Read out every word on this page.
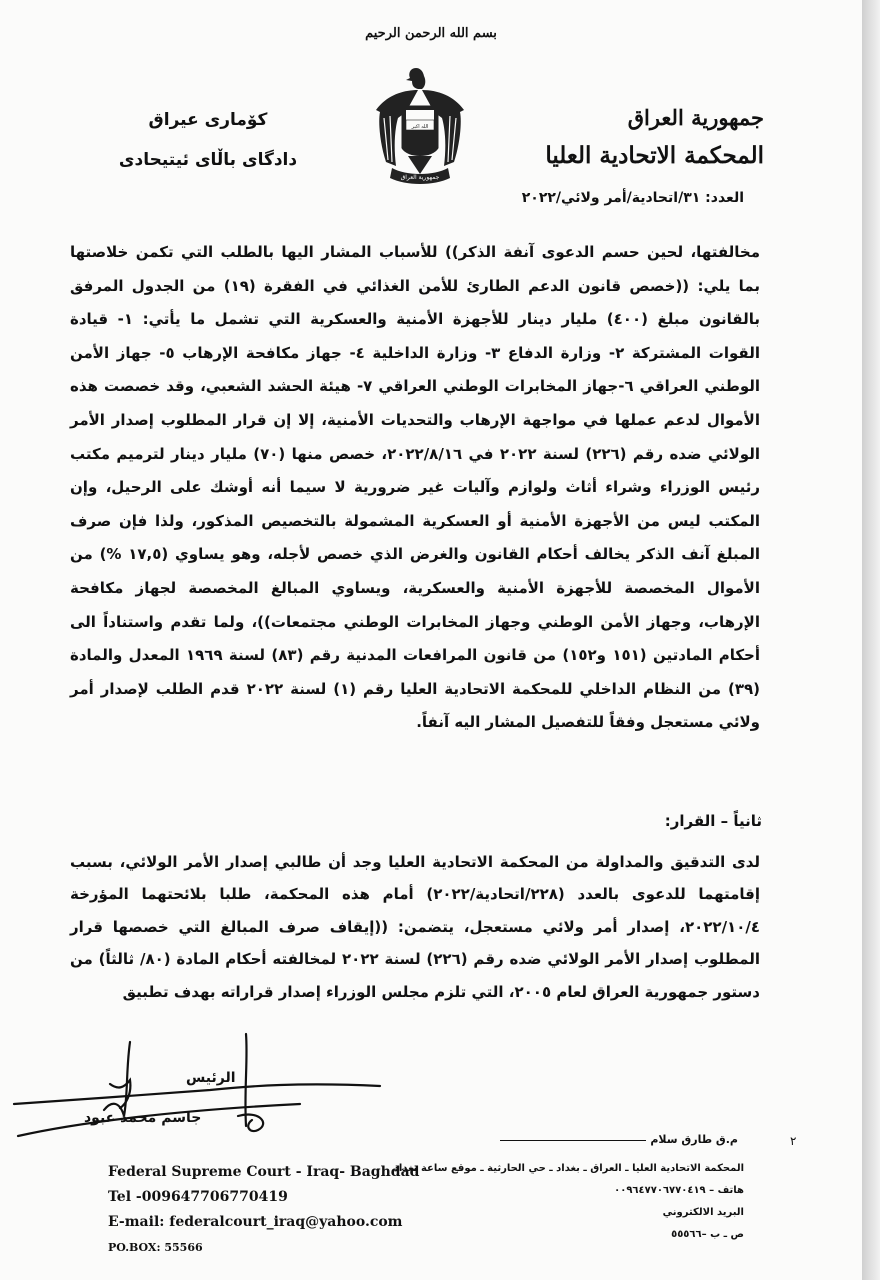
بسم الله الرحمن الرحيم
جمهورية العراق
المحكمة الاتحادية العليا
الله اكبر
جمهورية العراق
كۆماری عیراق
دادگای باڵای ئیتیحادی
العدد: ٣١/اتحادية/أمر ولائي/٢٠٢٢

مخالفتها، لحين حسم الدعوى آنفة الذكر)) للأسباب المشار اليها بالطلب التي تكمن خلاصتها بما يلي: ((خصص قانون الدعم الطارئ للأمن الغذائي في الفقرة (١٩) من الجدول المرفق بالقانون مبلغ (٤٠٠) مليار دينار للأجهزة الأمنية والعسكرية التي تشمل ما يأتي: ١- قيادة القوات المشتركة ٢- وزارة الدفاع ٣- وزارة الداخلية ٤- جهاز مكافحة الإرهاب ٥- جهاز الأمن الوطني العراقي ٦-جهاز المخابرات الوطني العراقي ٧- هيئة الحشد الشعبي، وقد خصصت هذه الأموال لدعم عملها في مواجهة الإرهاب والتحديات الأمنية، إلا إن قرار المطلوب إصدار الأمر الولائي ضده رقم (٢٢٦) لسنة ٢٠٢٢ في ٢٠٢٢/٨/١٦، خصص منها (٧٠) مليار دينار لترميم مكتب رئيس الوزراء وشراء أثاث ولوازم وآليات غير ضرورية لا سيما أنه أوشك على الرحيل، وإن المكتب ليس من الأجهزة الأمنية أو العسكرية المشمولة بالتخصيص المذكور، ولذا فإن صرف المبلغ آنف الذكر يخالف أحكام القانون والغرض الذي خصص لأجله، وهو يساوي (١٧,٥ %) من الأموال المخصصة للأجهزة الأمنية والعسكرية، ويساوي المبالغ المخصصة لجهاز مكافحة الإرهاب، وجهاز الأمن الوطني وجهاز المخابرات الوطني مجتمعات))، ولما تقدم واستناداً الى أحكام المادتين (١٥١ و١٥٢) من قانون المرافعات المدنية رقم (٨٣) لسنة ١٩٦٩ المعدل والمادة (٣٩) من النظام الداخلي للمحكمة الاتحادية العليا رقم (١) لسنة ٢٠٢٢ قدم الطلب لإصدار أمر ولائي مستعجل وفقاً للتفصيل المشار اليه آنفاً.

ثانياً – القرار:

لدى التدقيق والمداولة من المحكمة الاتحادية العليا وجد أن طالبي إصدار الأمر الولائي، بسبب إقامتهما للدعوى بالعدد (٢٢٨/اتحادية/٢٠٢٢) أمام هذه المحكمة، طلبا بلائحتهما المؤرخة ٢٠٢٢/١٠/٤، إصدار أمر ولائي مستعجل، يتضمن: ((إيقاف صرف المبالغ التي خصصها قرار المطلوب إصدار الأمر الولائي ضده رقم (٢٢٦) لسنة ٢٠٢٢ لمخالفته أحكام المادة (٨٠/ ثالثاً) من دستور جمهورية العراق لعام ٢٠٠٥، التي تلزم مجلس الوزراء إصدار قراراته بهدف تطبيق

الرئيس
جاسم محمد عبود
٢
م.ق طارق سلام
Federal Supreme Court - Iraq- Baghdad
Tel -009647706770419
E-mail: federalcourt_iraq@yahoo.com
PO.BOX: 55566
المحكمة الاتحادية العليا ـ العراق ـ بغداد ـ حي الحارثية ـ موقع ساعة بغداد
هاتف – ٠٠٩٦٤٧٧٠٦٧٧٠٤١٩
البريد الالكتروني
ص ـ ب –٥٥٥٦٦
